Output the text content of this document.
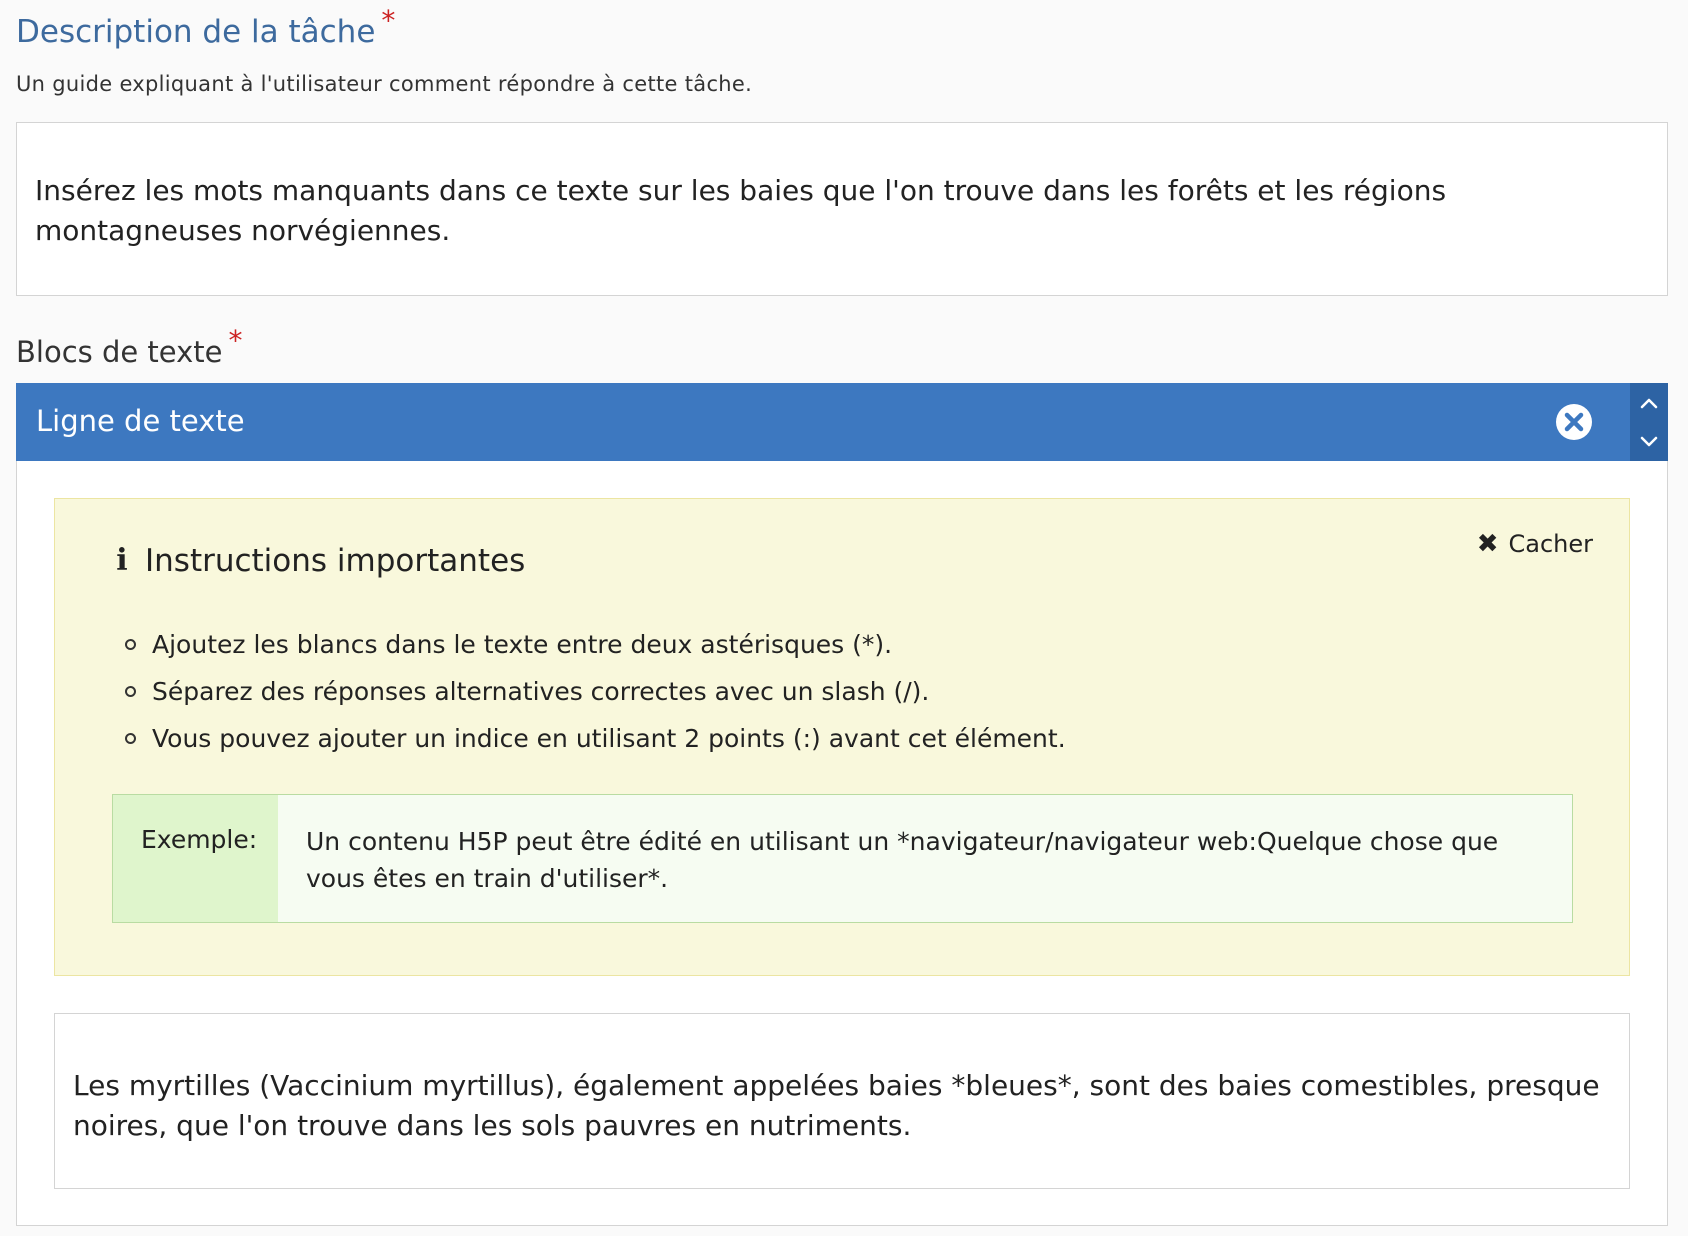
Description de la tâche *
Un guide expliquant à l'utilisateur comment répondre à cette tâche.
Insérez les mots manquants dans ce texte sur les baies que l'on trouve dans les forêts et les régions montagneuses norvégiennes.
Blocs de texte *
Ligne de texte
i Instructions importantes	✖ Cacher
Ajoutez les blancs dans le texte entre deux astérisques (*).
Séparez des réponses alternatives correctes avec un slash (/).
Vous pouvez ajouter un indice en utilisant 2 points (:) avant cet élément.
Exemple:	Un contenu H5P peut être édité en utilisant un *navigateur/navigateur web:Quelque chose que vous êtes en train d'utiliser*.
Les myrtilles (Vaccinium myrtillus), également appelées baies *bleues*, sont des baies comestibles, presque noires, que l'on trouve dans les sols pauvres en nutriments.
